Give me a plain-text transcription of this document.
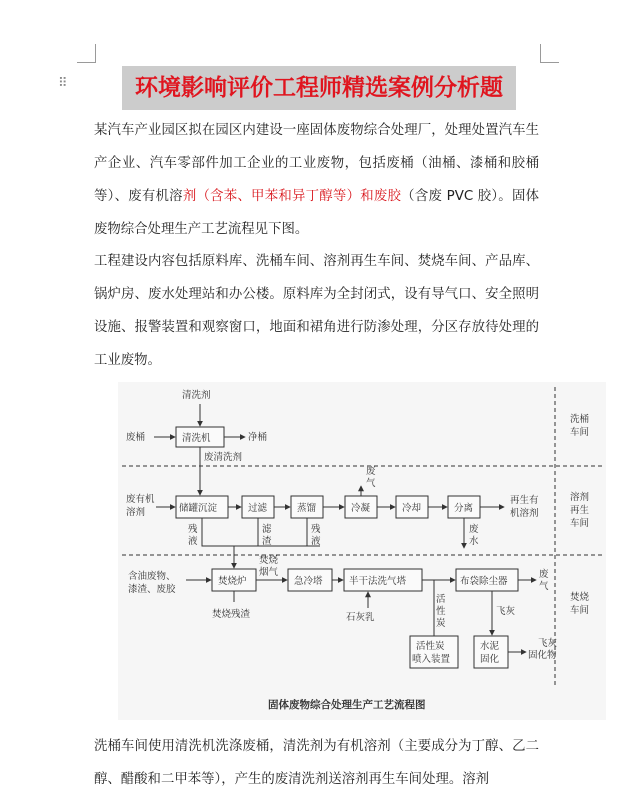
⠿	环境影响评价工程师精选案例分析题

某汽车产业园区拟在园区内建设一座固体废物综合处理厂，处理处置汽车生产企业、汽车零部件加工企业的工业废物，包括废桶（油桶、漆桶和胶桶等）、废有机溶剂（含苯、甲苯和异丁醇等）和废胶（含废 PVC 胶）。固体废物综合处理生产工艺流程见下图。

工程建设内容包括原料库、洗桶车间、溶剂再生车间、焚烧车间、产品库、锅炉房、废水处理站和办公楼。原料库为全封闭式，设有导气口、安全照明设施、报警装置和观察窗口，地面和裙角进行防渗处理，分区存放待处理的工业废物。

洗桶
车间
溶剂
再生
车间
焚烧
车间
清洗剂
废桶	清洗机	净桶
废清洗剂
废有机
溶剂	储罐沉淀	过滤	蒸馏	冷凝	冷却	分离
再生有
机溶剂
废
气
残
液
滤
渣
残
液
废
水
含油废物、
漆渣、废胶
焚烧炉
焚烧
烟气
急冷塔	半干法洗气塔	布袋除尘器
废
气
焚烧残渣	石灰乳
活
性
炭
飞灰
活性炭
喷入装置
水泥
固化
飞灰
固化物
固体废物综合处理生产工艺流程图

洗桶车间使用清洗机洗涤废桶，清洗剂为有机溶剂（主要成分为丁醇、乙二醇、醋酸和二甲苯等），产生的废清洗剂送溶剂再生车间处理。溶剂
